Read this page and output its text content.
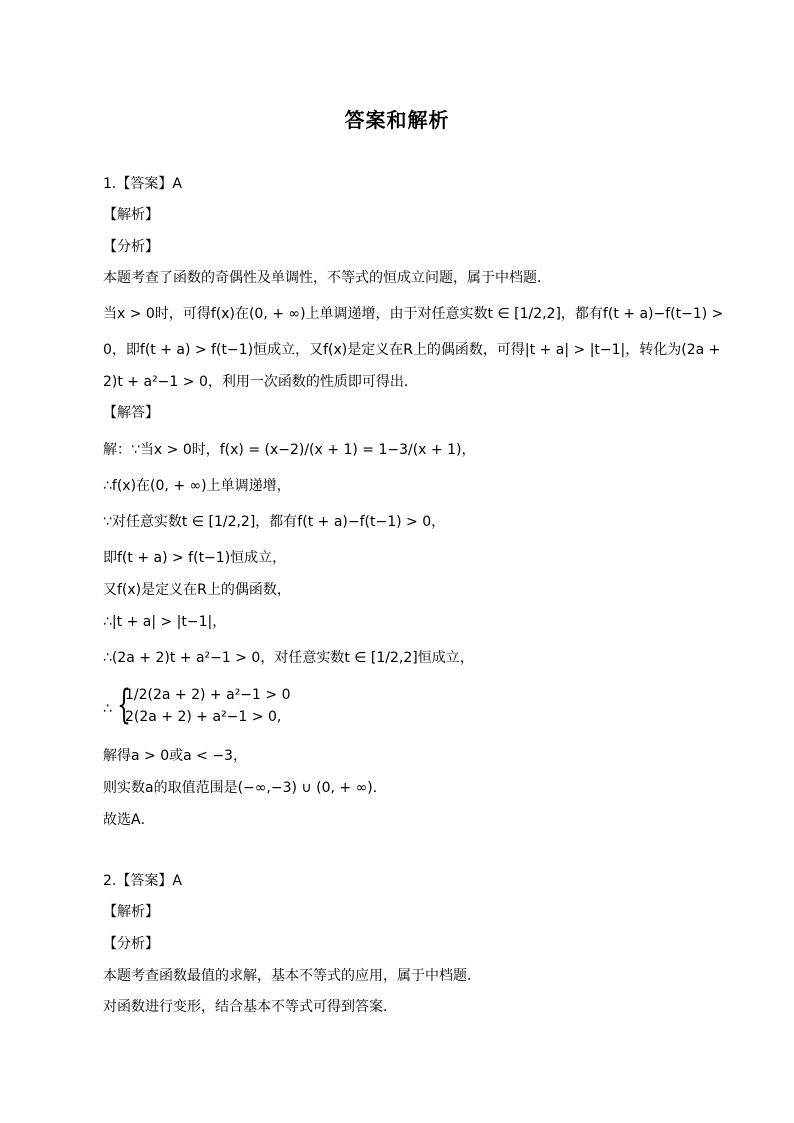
答案和解析
1.【答案】A
【解析】
【分析】
本题考查了函数的奇偶性及单调性，不等式的恒成立问题，属于中档题．
当x > 0时，可得f(x)在(0, + ∞)上单调递增，由于对任意实数t ∈ [1/2,2]，都有f(t + a)−f(t−1) >
0，即f(t + a) > f(t−1)恒成立，又f(x)是定义在R上的偶函数，可得|t + a| > |t−1|，转化为(2a +
2)t + a²−1 > 0，利用一次函数的性质即可得出．
【解答】
解：∵当x > 0时，f(x) = (x−2)/(x + 1) = 1−3/(x + 1)，
∴f(x)在(0, + ∞)上单调递增，
∵对任意实数t ∈ [1/2,2]，都有f(t + a)−f(t−1) > 0，
即f(t + a) > f(t−1)恒成立，
又f(x)是定义在R上的偶函数，
∴|t + a| > |t−1|，
∴(2a + 2)t + a²−1 > 0，对任意实数t ∈ [1/2,2]恒成立，
∴ {
1/2(2a + 2) + a²−1 > 0
2(2a + 2) + a²−1 > 0,
解得a > 0或a < −3，
则实数a的取值范围是(−∞,−3) ∪ (0, + ∞)．
故选A．
2.【答案】A
【解析】
【分析】
本题考查函数最值的求解，基本不等式的应用，属于中档题．
对函数进行变形，结合基本不等式可得到答案．
